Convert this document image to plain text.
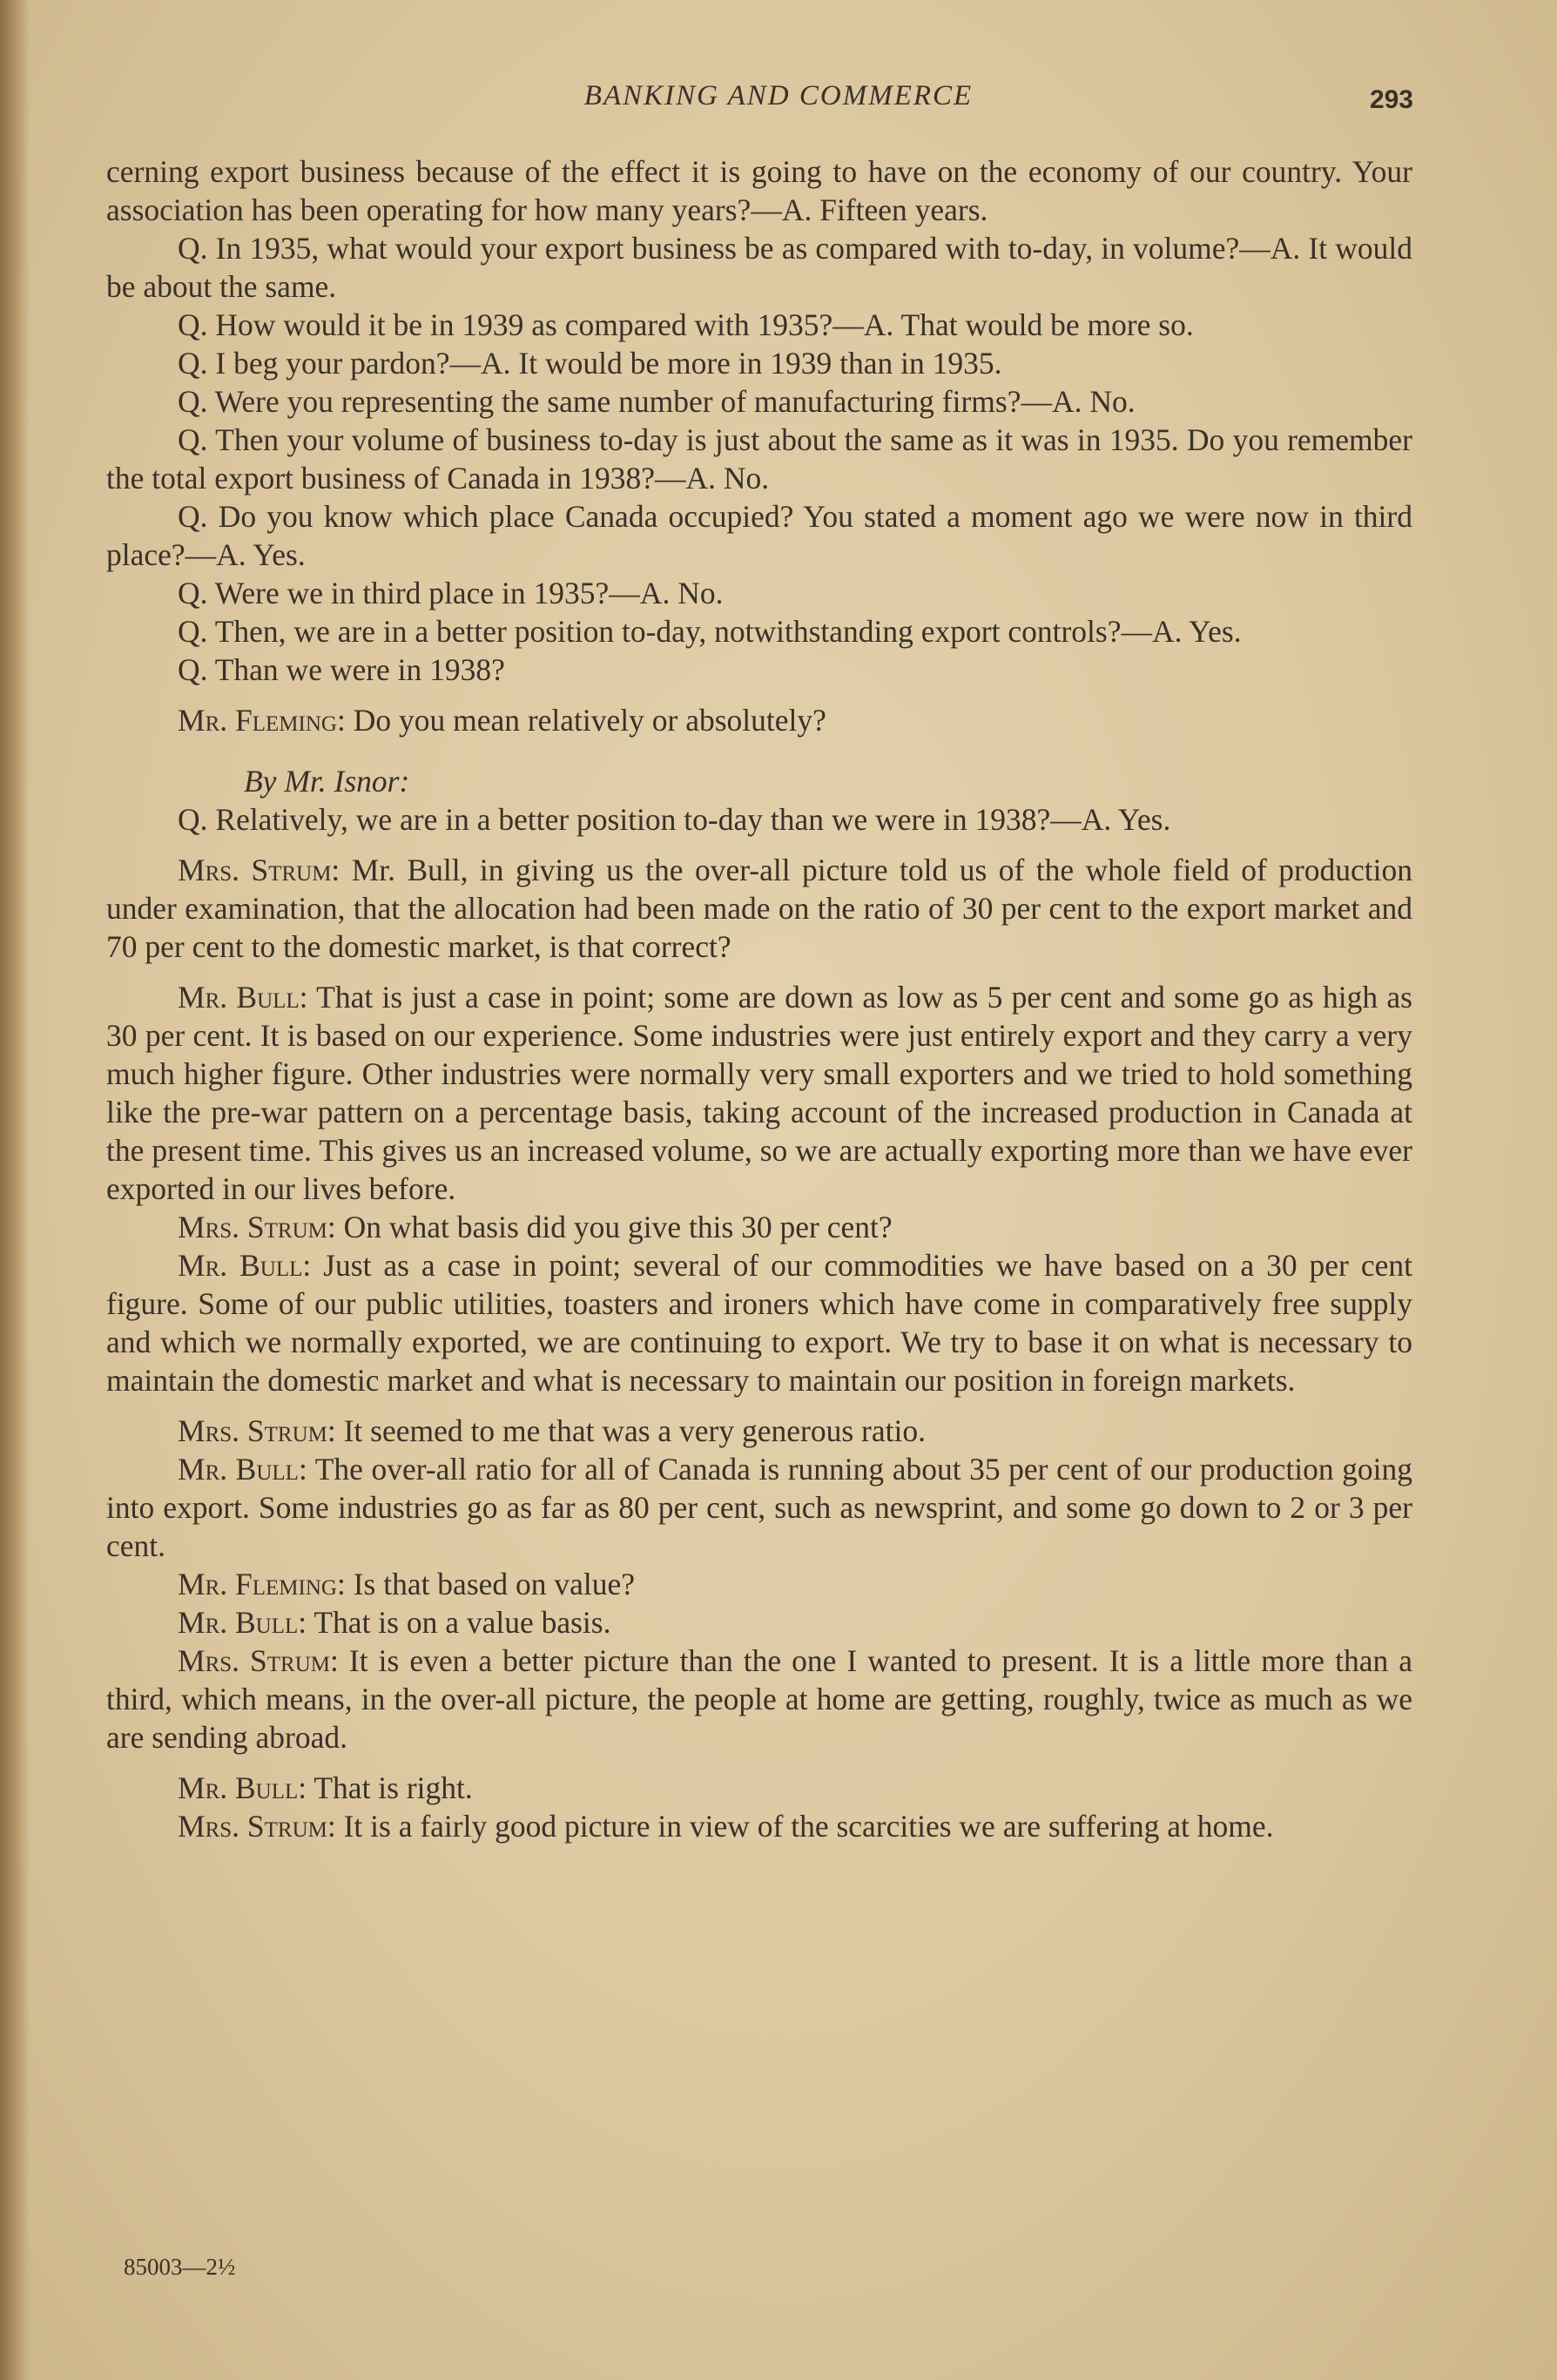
BANKING AND COMMERCE	293

cerning export business because of the effect it is going to have on the economy of our country. Your association has been operating for how many years?—A. Fifteen years.

Q. In 1935, what would your export business be as compared with to-day, in volume?—A. It would be about the same.

Q. How would it be in 1939 as compared with 1935?—A. That would be more so.

Q. I beg your pardon?—A. It would be more in 1939 than in 1935.

Q. Were you representing the same number of manufacturing firms?—A. No.

Q. Then your volume of business to-day is just about the same as it was in 1935. Do you remember the total export business of Canada in 1938?—A. No.

Q. Do you know which place Canada occupied? You stated a moment ago we were now in third place?—A. Yes.

Q. Were we in third place in 1935?—A. No.

Q. Then, we are in a better position to-day, notwithstanding export controls?—A. Yes.

Q. Than we were in 1938?

Mr. Fleming: Do you mean relatively or absolutely?

By Mr. Isnor:

Q. Relatively, we are in a better position to-day than we were in 1938?—A. Yes.

Mrs. Strum: Mr. Bull, in giving us the over-all picture told us of the whole field of production under examination, that the allocation had been made on the ratio of 30 per cent to the export market and 70 per cent to the domestic market, is that correct?

Mr. Bull: That is just a case in point; some are down as low as 5 per cent and some go as high as 30 per cent. It is based on our experience. Some industries were just entirely export and they carry a very much higher figure. Other industries were normally very small exporters and we tried to hold something like the pre-war pattern on a percentage basis, taking account of the increased production in Canada at the present time. This gives us an increased volume, so we are actually exporting more than we have ever exported in our lives before.

Mrs. Strum: On what basis did you give this 30 per cent?

Mr. Bull: Just as a case in point; several of our commodities we have based on a 30 per cent figure. Some of our public utilities, toasters and ironers which have come in comparatively free supply and which we normally exported, we are continuing to export. We try to base it on what is necessary to maintain the domestic market and what is necessary to maintain our position in foreign markets.

Mrs. Strum: It seemed to me that was a very generous ratio.

Mr. Bull: The over-all ratio for all of Canada is running about 35 per cent of our production going into export. Some industries go as far as 80 per cent, such as newsprint, and some go down to 2 or 3 per cent.

Mr. Fleming: Is that based on value?

Mr. Bull: That is on a value basis.

Mrs. Strum: It is even a better picture than the one I wanted to present. It is a little more than a third, which means, in the over-all picture, the people at home are getting, roughly, twice as much as we are sending abroad.

Mr. Bull: That is right.

Mrs. Strum: It is a fairly good picture in view of the scarcities we are suffering at home.

85003—2½
